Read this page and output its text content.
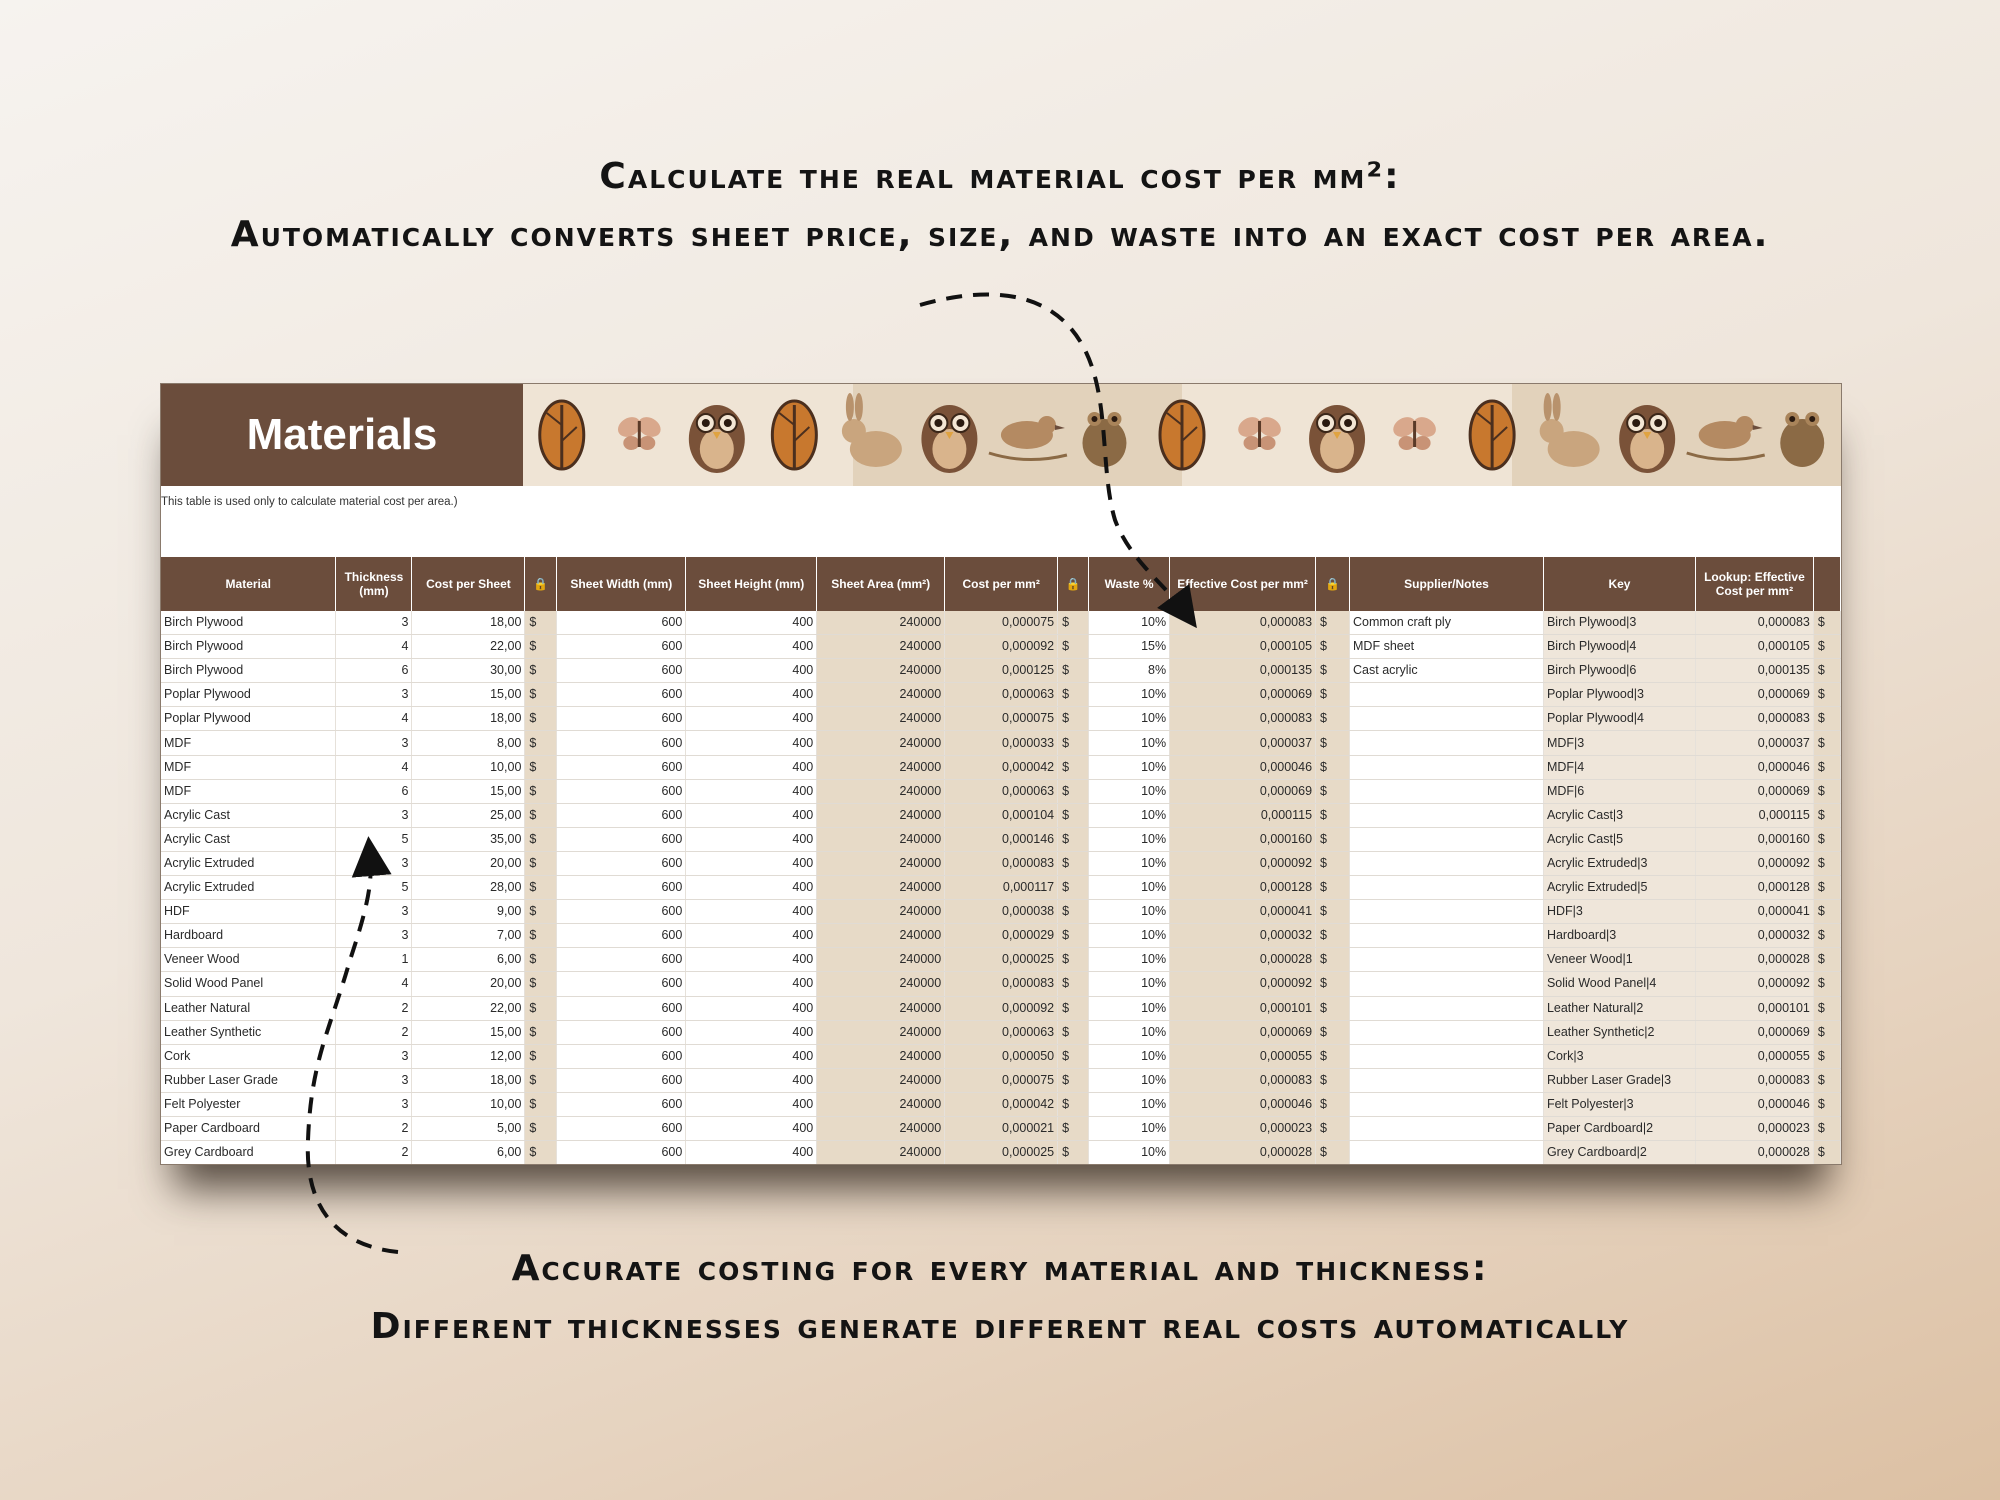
Calculate the real material cost per mm²:
Automatically converts sheet price, size, and waste into an exact cost per area.
Materials
This table is used only to calculate material cost per area.)
Material	Thickness (mm)	Cost per Sheet	🔒	Sheet Width (mm)	Sheet Height (mm)	Sheet Area (mm²)	Cost per mm²	🔒	Waste %	Effective Cost per mm²	🔒	Supplier/Notes	Key	Lookup: Effective Cost per mm²	
Birch Plywood	3	18,00	$	600	400	240000	0,000075	$	10%	0,000083	$	Common craft ply	Birch Plywood|3	0,000083	$
Birch Plywood	4	22,00	$	600	400	240000	0,000092	$	15%	0,000105	$	MDF sheet	Birch Plywood|4	0,000105	$
Birch Plywood	6	30,00	$	600	400	240000	0,000125	$	8%	0,000135	$	Cast acrylic	Birch Plywood|6	0,000135	$
Poplar Plywood	3	15,00	$	600	400	240000	0,000063	$	10%	0,000069	$		Poplar Plywood|3	0,000069	$
Poplar Plywood	4	18,00	$	600	400	240000	0,000075	$	10%	0,000083	$		Poplar Plywood|4	0,000083	$
MDF	3	8,00	$	600	400	240000	0,000033	$	10%	0,000037	$		MDF|3	0,000037	$
MDF	4	10,00	$	600	400	240000	0,000042	$	10%	0,000046	$		MDF|4	0,000046	$
MDF	6	15,00	$	600	400	240000	0,000063	$	10%	0,000069	$		MDF|6	0,000069	$
Acrylic Cast	3	25,00	$	600	400	240000	0,000104	$	10%	0,000115	$		Acrylic Cast|3	0,000115	$
Acrylic Cast	5	35,00	$	600	400	240000	0,000146	$	10%	0,000160	$		Acrylic Cast|5	0,000160	$
Acrylic Extruded	3	20,00	$	600	400	240000	0,000083	$	10%	0,000092	$		Acrylic Extruded|3	0,000092	$
Acrylic Extruded	5	28,00	$	600	400	240000	0,000117	$	10%	0,000128	$		Acrylic Extruded|5	0,000128	$
HDF	3	9,00	$	600	400	240000	0,000038	$	10%	0,000041	$		HDF|3	0,000041	$
Hardboard	3	7,00	$	600	400	240000	0,000029	$	10%	0,000032	$		Hardboard|3	0,000032	$
Veneer Wood	1	6,00	$	600	400	240000	0,000025	$	10%	0,000028	$		Veneer Wood|1	0,000028	$
Solid Wood Panel	4	20,00	$	600	400	240000	0,000083	$	10%	0,000092	$		Solid Wood Panel|4	0,000092	$
Leather Natural	2	22,00	$	600	400	240000	0,000092	$	10%	0,000101	$		Leather Natural|2	0,000101	$
Leather Synthetic	2	15,00	$	600	400	240000	0,000063	$	10%	0,000069	$		Leather Synthetic|2	0,000069	$
Cork	3	12,00	$	600	400	240000	0,000050	$	10%	0,000055	$		Cork|3	0,000055	$
Rubber Laser Grade	3	18,00	$	600	400	240000	0,000075	$	10%	0,000083	$		Rubber Laser Grade|3	0,000083	$
Felt Polyester	3	10,00	$	600	400	240000	0,000042	$	10%	0,000046	$		Felt Polyester|3	0,000046	$
Paper Cardboard	2	5,00	$	600	400	240000	0,000021	$	10%	0,000023	$		Paper Cardboard|2	0,000023	$
Grey Cardboard	2	6,00	$	600	400	240000	0,000025	$	10%	0,000028	$		Grey Cardboard|2	0,000028	$
Accurate costing for every material and thickness:
Different thicknesses generate different real costs automatically
